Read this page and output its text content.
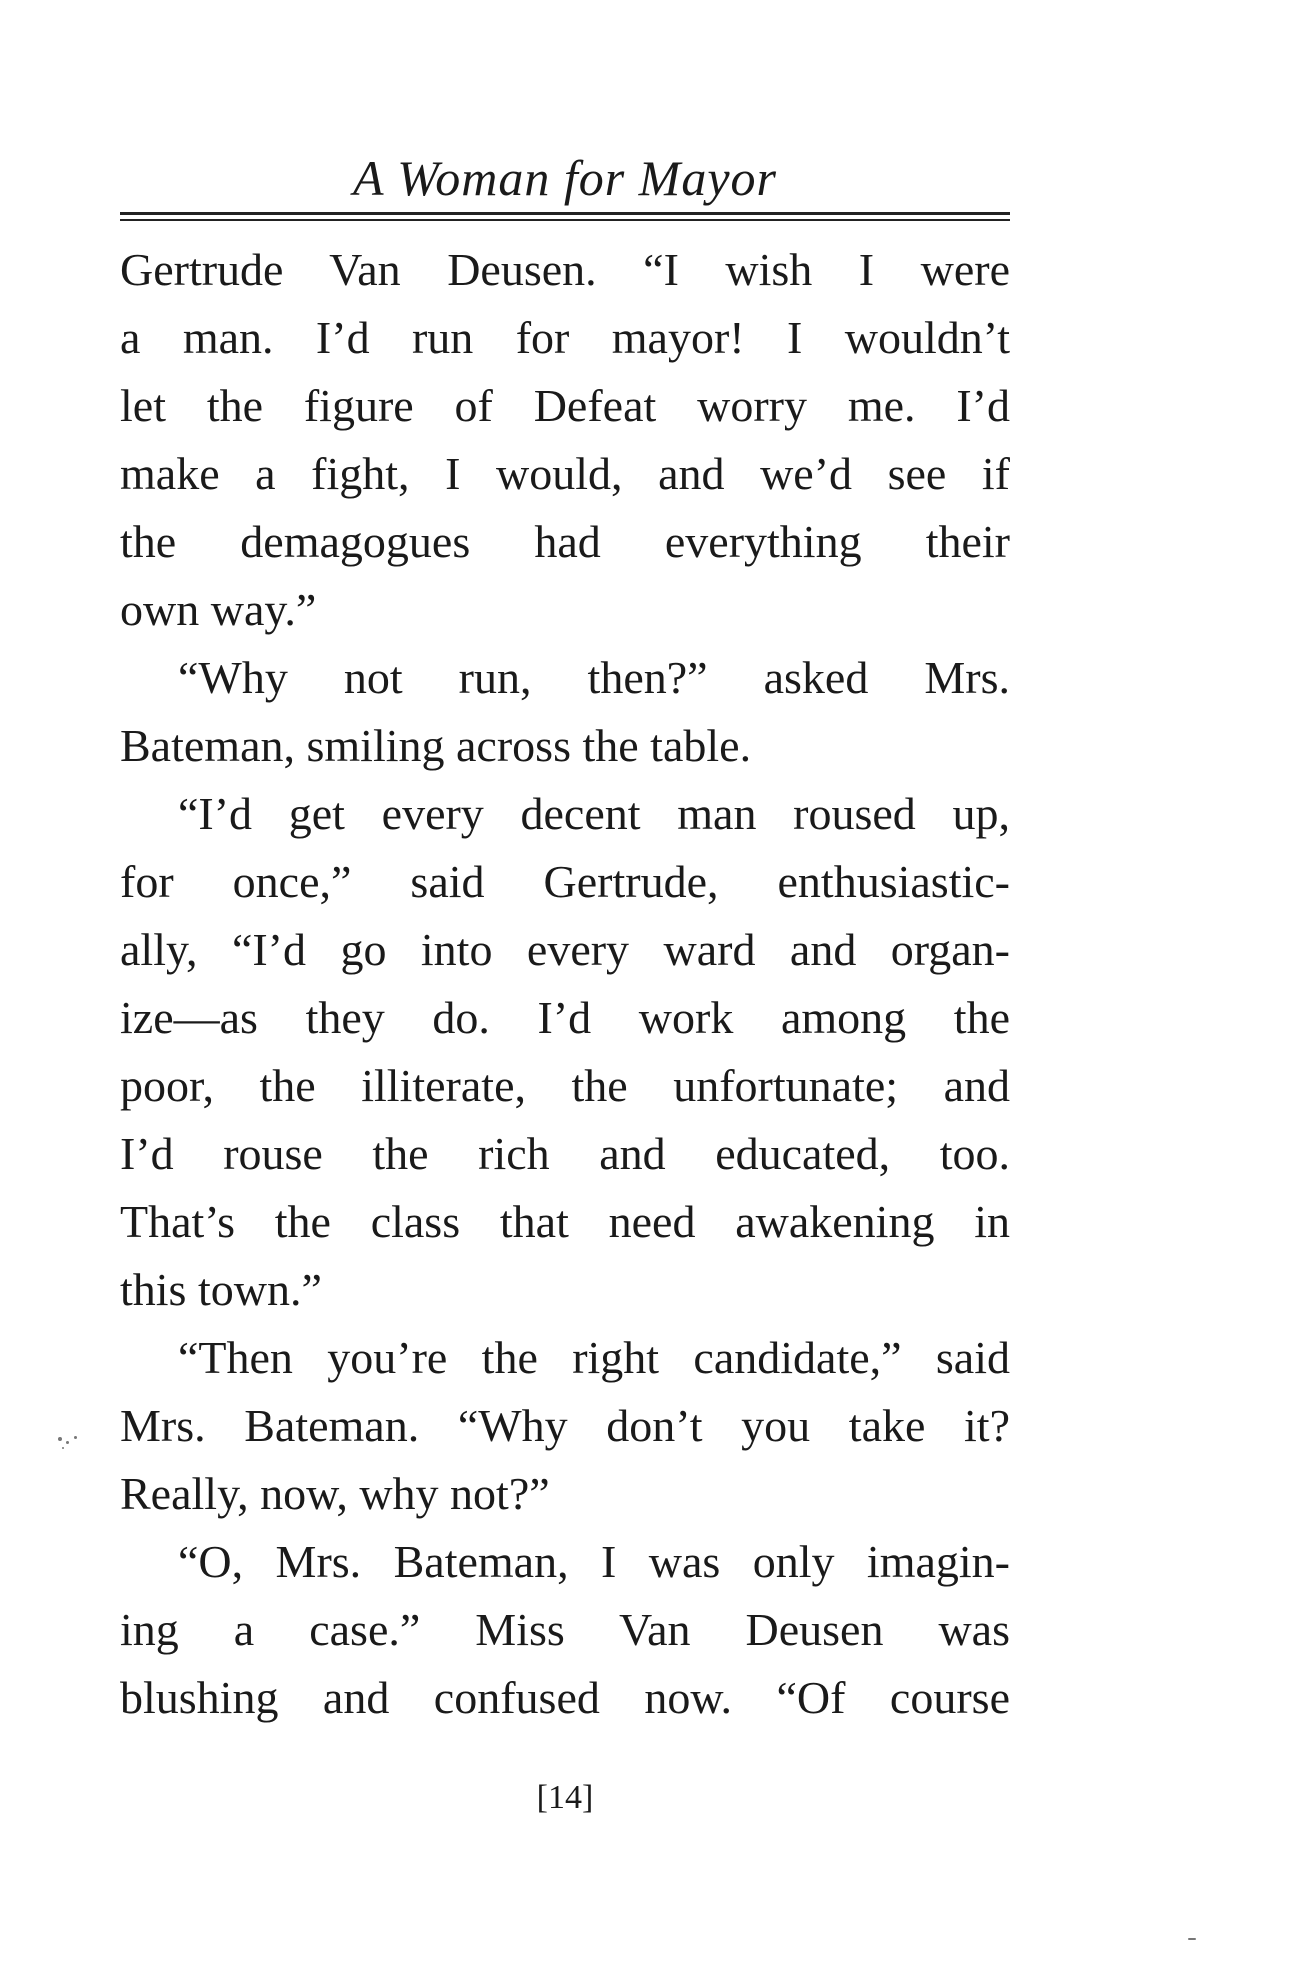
A Woman for Mayor
Gertrude Van Deusen. “I wish I were
a man. I’d run for mayor! I wouldn’t
let the figure of Defeat worry me. I’d
make a fight, I would, and we’d see if
the demagogues had everything their
own way.”
“Why not run, then?” asked Mrs.
Bateman, smiling across the table.
“I’d get every decent man roused up,
for once,” said Gertrude, enthusiastic-
ally, “I’d go into every ward and organ-
ize—as they do. I’d work among the
poor, the illiterate, the unfortunate; and
I’d rouse the rich and educated, too.
That’s the class that need awakening in
this town.”
“Then you’re the right candidate,” said
Mrs. Bateman. “Why don’t you take it?
Really, now, why not?”
“O, Mrs. Bateman, I was only imagin-
ing a case.” Miss Van Deusen was
blushing and confused now. “Of course
[14]
